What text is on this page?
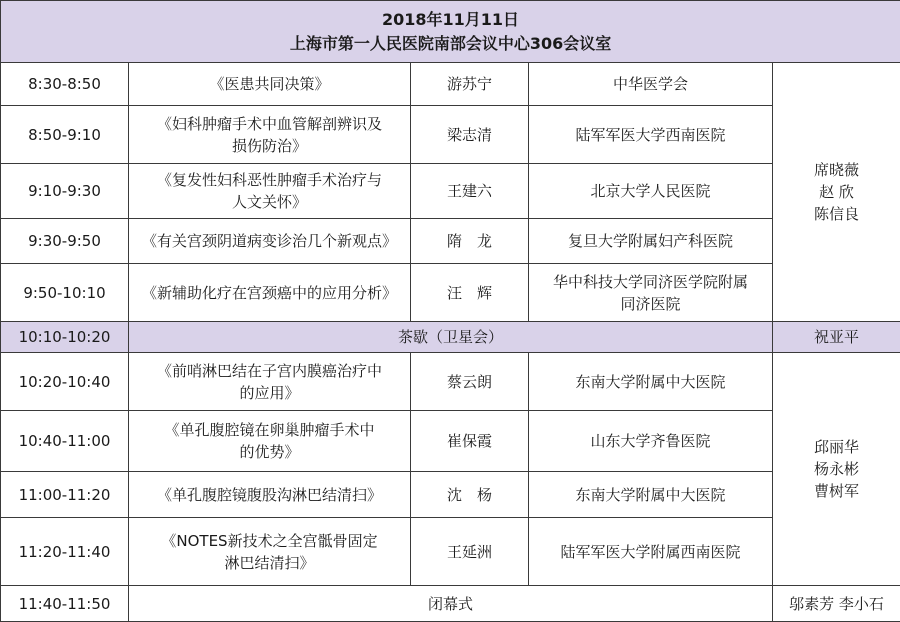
2018年11月11日
上海市第一人民医院南部会议中心306会议室				

8:30-8:50	《医患共同决策》	游苏宁	中华医学会	席晓薇
赵 欣
陈信良

8:50-9:10	《妇科肿瘤手术中血管解剖辨识及
损伤防治》	梁志清	陆军军医大学西南医院	

9:10-9:30	《复发性妇科恶性肿瘤手术治疗与
人文关怀》	王建六	北京大学人民医院	

9:30-9:50	《有关宫颈阴道病变诊治几个新观点》	隋　龙	复旦大学附属妇产科医院	

9:50-10:10	《新辅助化疗在宫颈癌中的应用分析》	汪　辉	华中科技大学同济医学院附属
同济医院	

10:10-10:20	茶歇（卫星会）			祝亚平
10:20-10:40	《前哨淋巴结在子宫内膜癌治疗中
的应用》	蔡云朗	东南大学附属中大医院	邱丽华
杨永彬
曹树军

10:40-11:00	《单孔腹腔镜在卵巢肿瘤手术中
的优势》	崔保霞	山东大学齐鲁医院	

11:00-11:20	《单孔腹腔镜腹股沟淋巴结清扫》	沈　杨	东南大学附属中大医院	

11:20-11:40	《NOTES新技术之全宫骶骨固定
淋巴结清扫》	王延洲	陆军军医大学附属西南医院	

11:40-11:50	闭幕式			邬素芳 李小石
